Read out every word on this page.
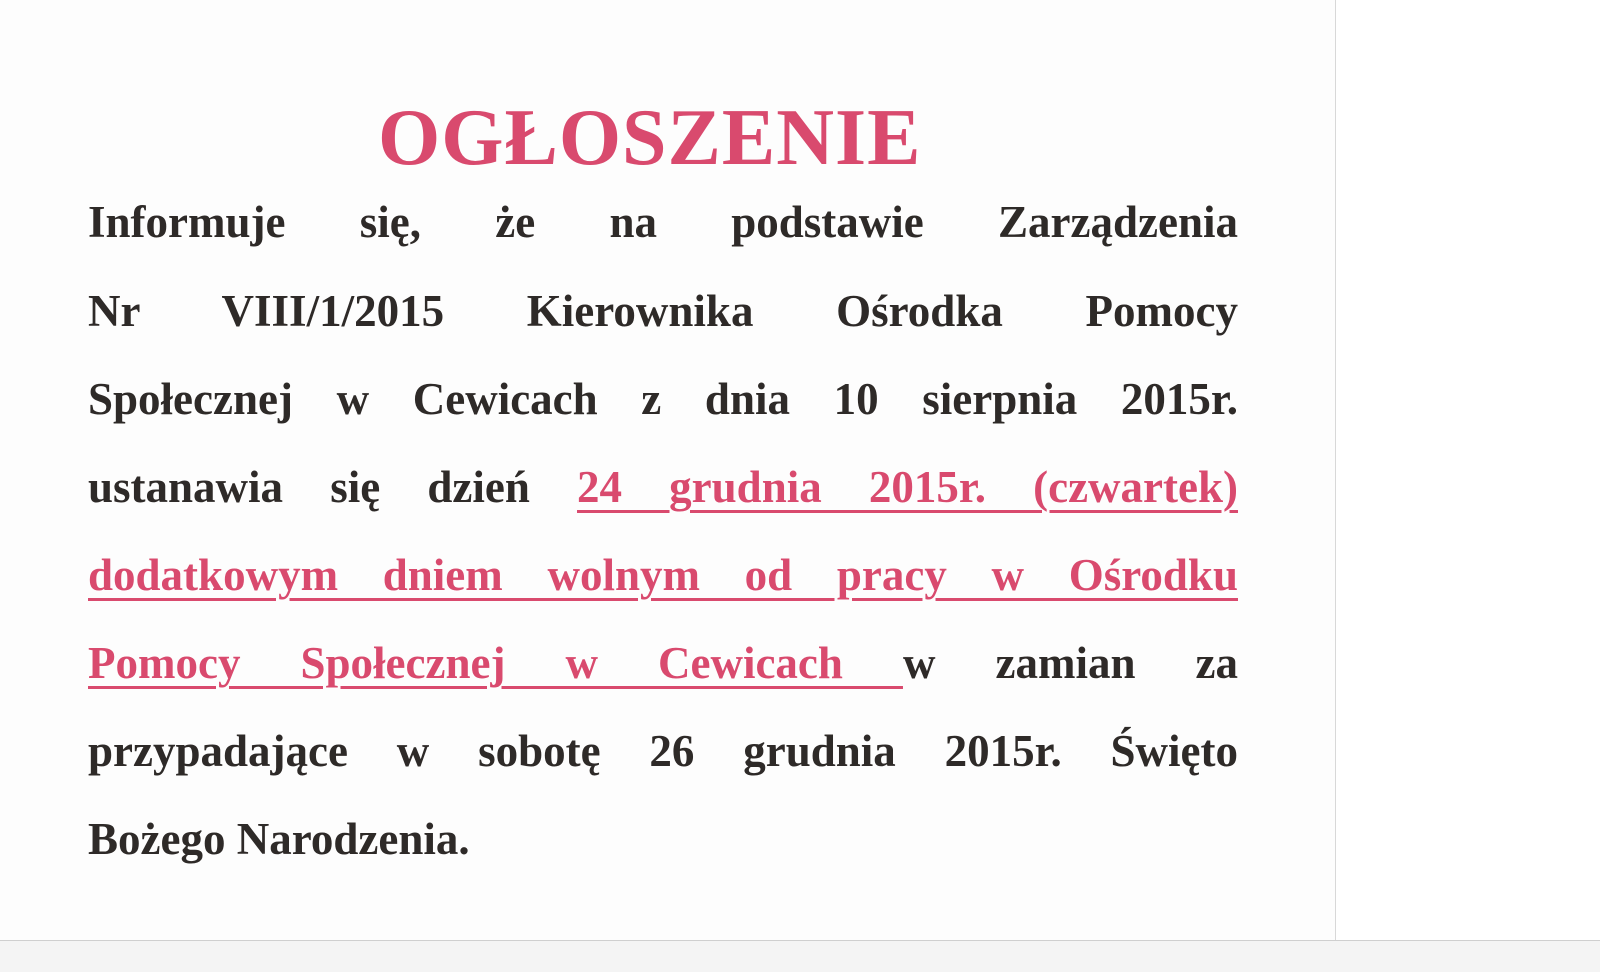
OGŁOSZENIE
Informuje się, że na podstawie Zarządzenia
Nr VIII/1/2015 Kierownika Ośrodka Pomocy
Społecznej w Cewicach z dnia 10 sierpnia 2015r.
ustanawia się dzień 24 grudnia 2015r. (czwartek)
dodatkowym dniem wolnym od pracy w Ośrodku
Pomocy Społecznej w Cewicach w zamian za
przypadające w sobotę 26 grudnia 2015r. Święto
Bożego Narodzenia.
